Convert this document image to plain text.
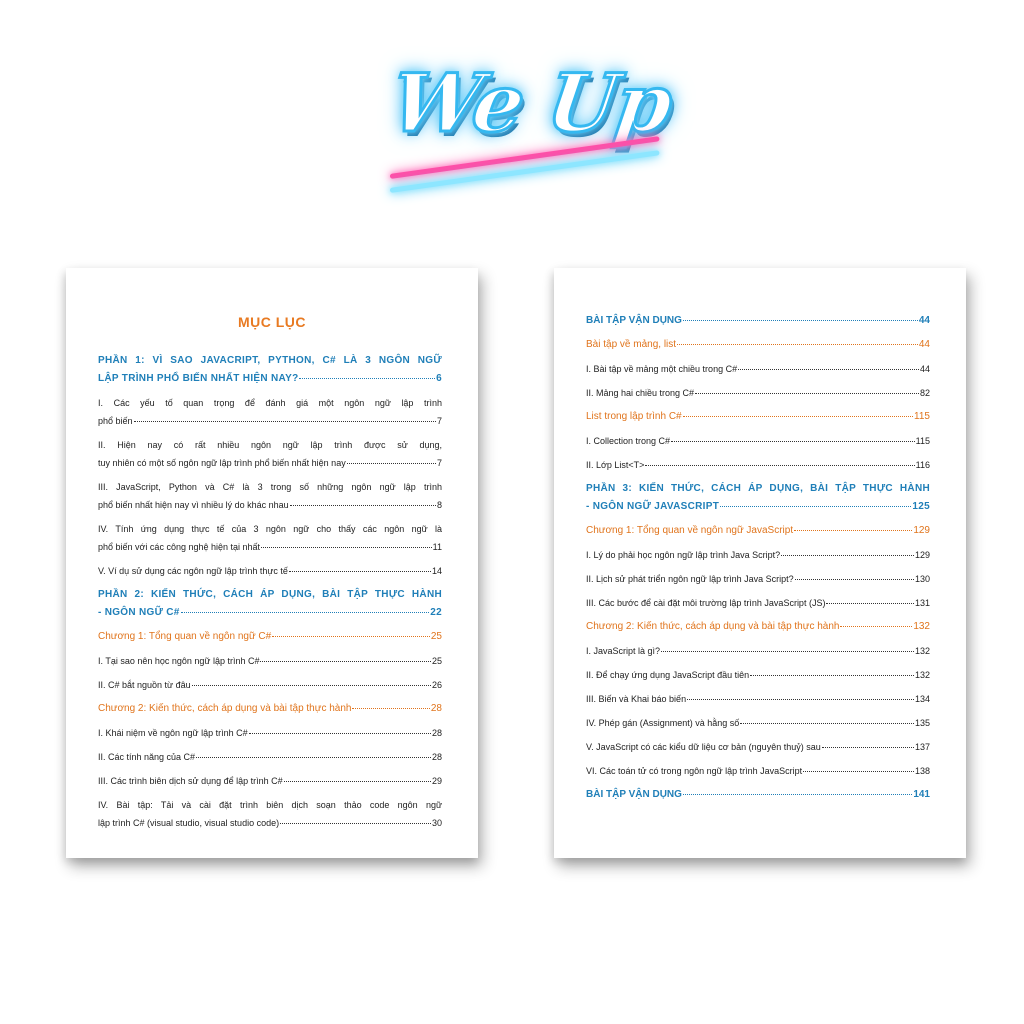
We Up
MỤC LỤC
PHẦN 1: VÌ SAO JAVACRIPT, PYTHON, C# LÀ 3 NGÔN NGỮ
LẬP TRÌNH PHỔ BIẾN NHẤT HIỆN NAY?	6
I. Các yếu tố quan trọng để đánh giá một ngôn ngữ lập trình
phổ biến	7
II. Hiện nay có rất nhiều ngôn ngữ lập trình được sử dụng,
tuy nhiên có một số ngôn ngữ lập trình phổ biến nhất hiện nay	7
III. JavaScript, Python và C# là 3 trong số những ngôn ngữ lập trình
phổ biến nhất hiện nay vì nhiều lý do khác nhau	8
IV. Tính ứng dụng thực tế của 3 ngôn ngữ cho thấy các ngôn ngữ là
phổ biến với các công nghệ hiện tại nhất	11
V. Ví dụ sử dụng các ngôn ngữ lập trình thực tế	14
PHẦN 2: KIẾN THỨC, CÁCH ÁP DỤNG, BÀI TẬP THỰC HÀNH
- NGÔN NGỮ C#	22
Chương 1: Tổng quan về ngôn ngữ C#	25
I. Tại sao nên học ngôn ngữ lập trình C#	25
II. C# bắt nguồn từ đâu	26
Chương 2: Kiến thức, cách áp dụng và bài tập thực hành	28
I. Khái niệm về ngôn ngữ lập trình C#	28
II. Các tính năng của C#	28
III. Các trình biên dịch sử dụng để lập trình C#	29
IV. Bài tập: Tải và cài đặt trình biên dịch soạn thảo code ngôn ngữ
lập trình C# (visual studio, visual studio code)	30
BÀI TẬP VẬN DỤNG	44
Bài tập về mảng, list	44
I. Bài tập về mảng một chiều trong C#	44
II. Mảng hai chiều trong C#	82
List trong lập trình C#	115
I. Collection trong C#	115
II. Lớp List<T>	116
PHẦN 3: KIẾN THỨC, CÁCH ÁP DỤNG, BÀI TẬP THỰC HÀNH
- NGÔN NGỮ JAVASCRIPT	125
Chương 1: Tổng quan về ngôn ngữ JavaScript	129
I. Lý do phải học ngôn ngữ lập trình Java Script?	129
II. Lịch sử phát triển ngôn ngữ lập trình Java Script?	130
III. Các bước để cài đặt môi trường lập trình JavaScript (JS)	131
Chương 2: Kiến thức, cách áp dụng và bài tập thực hành	132
I. JavaScript là gì?	132
II. Để chạy ứng dụng JavaScript đầu tiên	132
III. Biến và Khai báo biến	134
IV. Phép gán (Assignment) và hằng số	135
V. JavaScript có các kiểu dữ liệu cơ bản (nguyên thuỷ) sau	137
VI. Các toán tử có trong ngôn ngữ lập trình JavaScript	138
BÀI TẬP VẬN DỤNG	141
